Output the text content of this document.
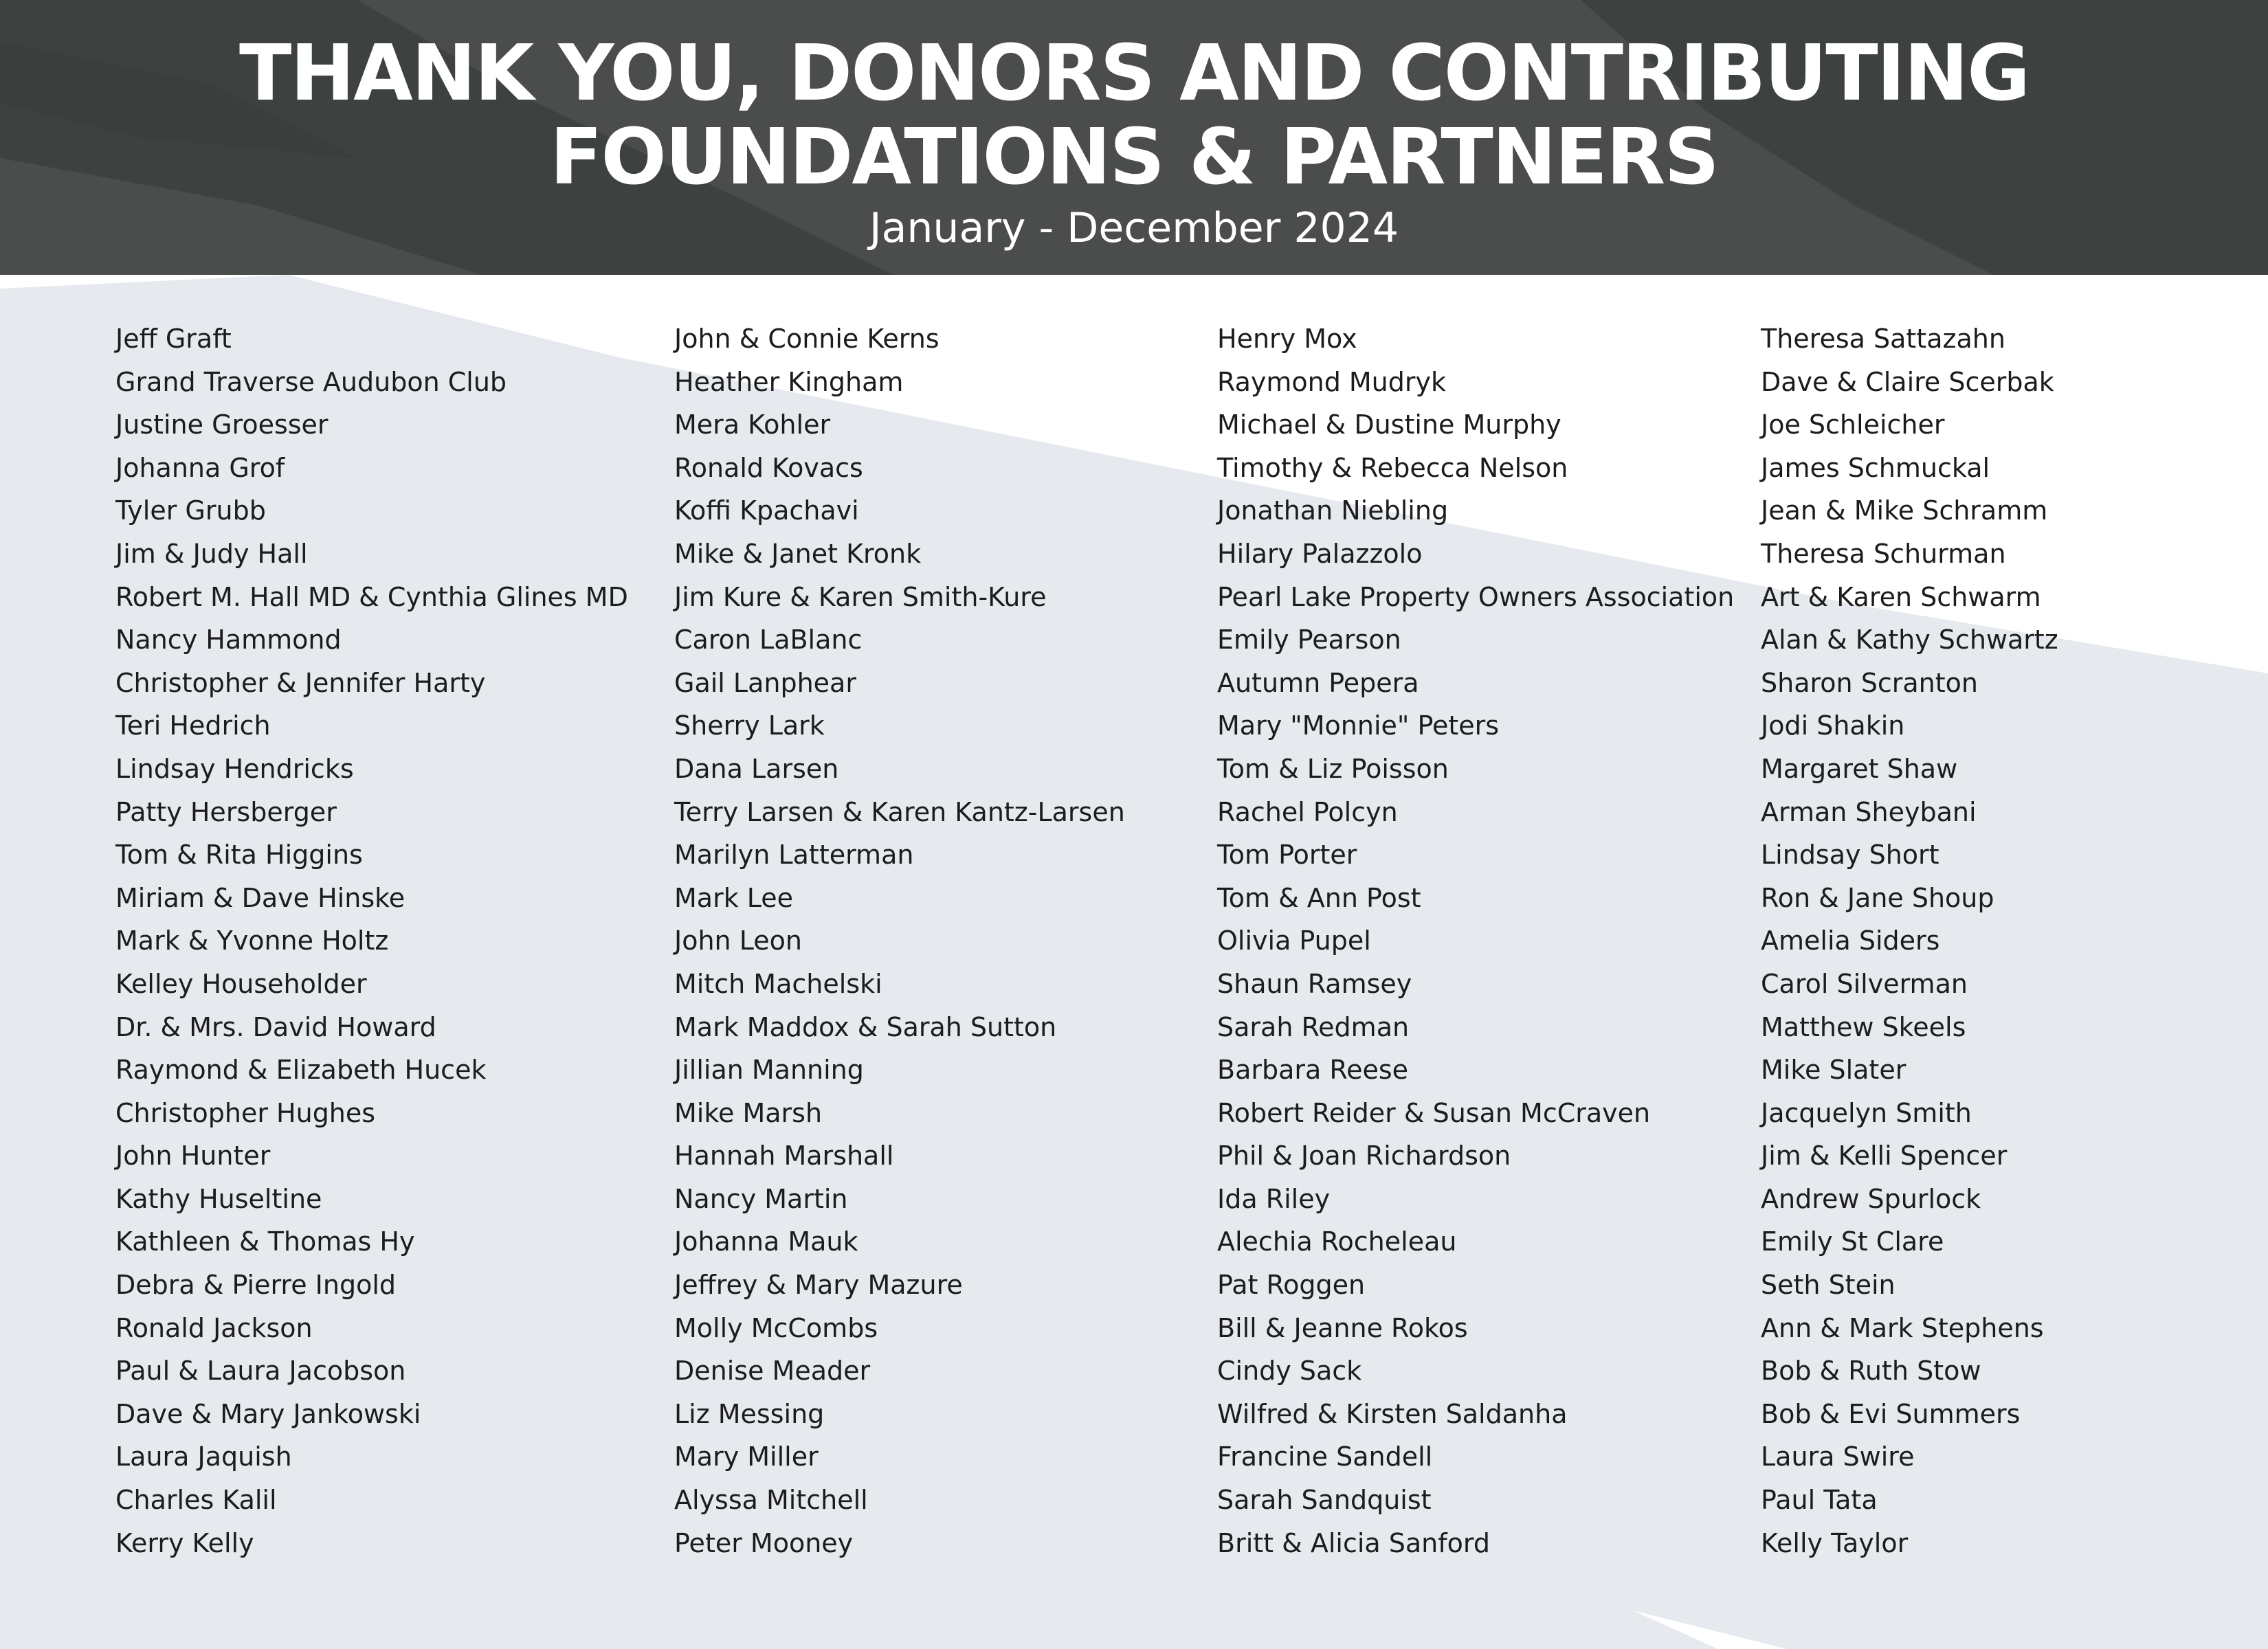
THANK YOU, DONORS AND CONTRIBUTING
FOUNDATIONS & PARTNERS
January - December 2024
Jeff Graft
Grand Traverse Audubon Club
Justine Groesser
Johanna Grof
Tyler Grubb
Jim & Judy Hall
Robert M. Hall MD & Cynthia Glines MD
Nancy Hammond
Christopher & Jennifer Harty
Teri Hedrich
Lindsay Hendricks
Patty Hersberger
Tom & Rita Higgins
Miriam & Dave Hinske
Mark & Yvonne Holtz
Kelley Householder
Dr. & Mrs. David Howard
Raymond & Elizabeth Hucek
Christopher Hughes
John Hunter
Kathy Huseltine
Kathleen & Thomas Hy
Debra & Pierre Ingold
Ronald Jackson
Paul & Laura Jacobson
Dave & Mary Jankowski
Laura Jaquish
Charles Kalil
Kerry Kelly
John & Connie Kerns
Heather Kingham
Mera Kohler
Ronald Kovacs
Koffi Kpachavi
Mike & Janet Kronk
Jim Kure & Karen Smith-Kure
Caron LaBlanc
Gail Lanphear
Sherry Lark
Dana Larsen
Terry Larsen & Karen Kantz-Larsen
Marilyn Latterman
Mark Lee
John Leon
Mitch Machelski
Mark Maddox & Sarah Sutton
Jillian Manning
Mike Marsh
Hannah Marshall
Nancy Martin
Johanna Mauk
Jeffrey & Mary Mazure
Molly McCombs
Denise Meader
Liz Messing
Mary Miller
Alyssa Mitchell
Peter Mooney
Henry Mox
Raymond Mudryk
Michael & Dustine Murphy
Timothy & Rebecca Nelson
Jonathan Niebling
Hilary Palazzolo
Pearl Lake Property Owners Association
Emily Pearson
Autumn Pepera
Mary "Monnie" Peters
Tom & Liz Poisson
Rachel Polcyn
Tom Porter
Tom & Ann Post
Olivia Pupel
Shaun Ramsey
Sarah Redman
Barbara Reese
Robert Reider & Susan McCraven
Phil & Joan Richardson
Ida Riley
Alechia Rocheleau
Pat Roggen
Bill & Jeanne Rokos
Cindy Sack
Wilfred & Kirsten Saldanha
Francine Sandell
Sarah Sandquist
Britt & Alicia Sanford
Theresa Sattazahn
Dave & Claire Scerbak
Joe Schleicher
James Schmuckal
Jean & Mike Schramm
Theresa Schurman
Art & Karen Schwarm
Alan & Kathy Schwartz
Sharon Scranton
Jodi Shakin
Margaret Shaw
Arman Sheybani
Lindsay Short
Ron & Jane Shoup
Amelia Siders
Carol Silverman
Matthew Skeels
Mike Slater
Jacquelyn Smith
Jim & Kelli Spencer
Andrew Spurlock
Emily St Clare
Seth Stein
Ann & Mark Stephens
Bob & Ruth Stow
Bob & Evi Summers
Laura Swire
Paul Tata
Kelly Taylor
